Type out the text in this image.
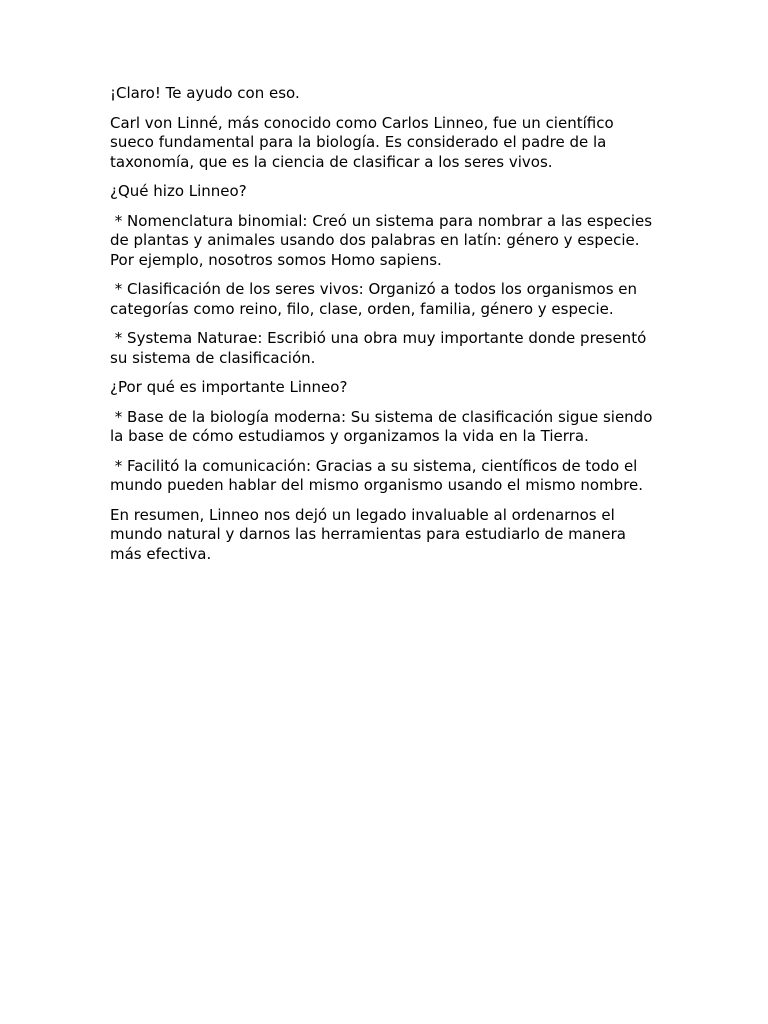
¡Claro! Te ayudo con eso.

Carl von Linné, más conocido como Carlos Linneo, fue un científico sueco fundamental para la biología. Es considerado el padre de la taxonomía, que es la ciencia de clasificar a los seres vivos.

¿Qué hizo Linneo?

* Nomenclatura binomial: Creó un sistema para nombrar a las especies de plantas y animales usando dos palabras en latín: género y especie. Por ejemplo, nosotros somos Homo sapiens.

* Clasificación de los seres vivos: Organizó a todos los organismos en categorías como reino, filo, clase, orden, familia, género y especie.

* Systema Naturae: Escribió una obra muy importante donde presentó su sistema de clasificación.

¿Por qué es importante Linneo?

* Base de la biología moderna: Su sistema de clasificación sigue siendo la base de cómo estudiamos y organizamos la vida en la Tierra.

* Facilitó la comunicación: Gracias a su sistema, científicos de todo el mundo pueden hablar del mismo organismo usando el mismo nombre.

En resumen, Linneo nos dejó un legado invaluable al ordenarnos el mundo natural y darnos las herramientas para estudiarlo de manera más efectiva.
